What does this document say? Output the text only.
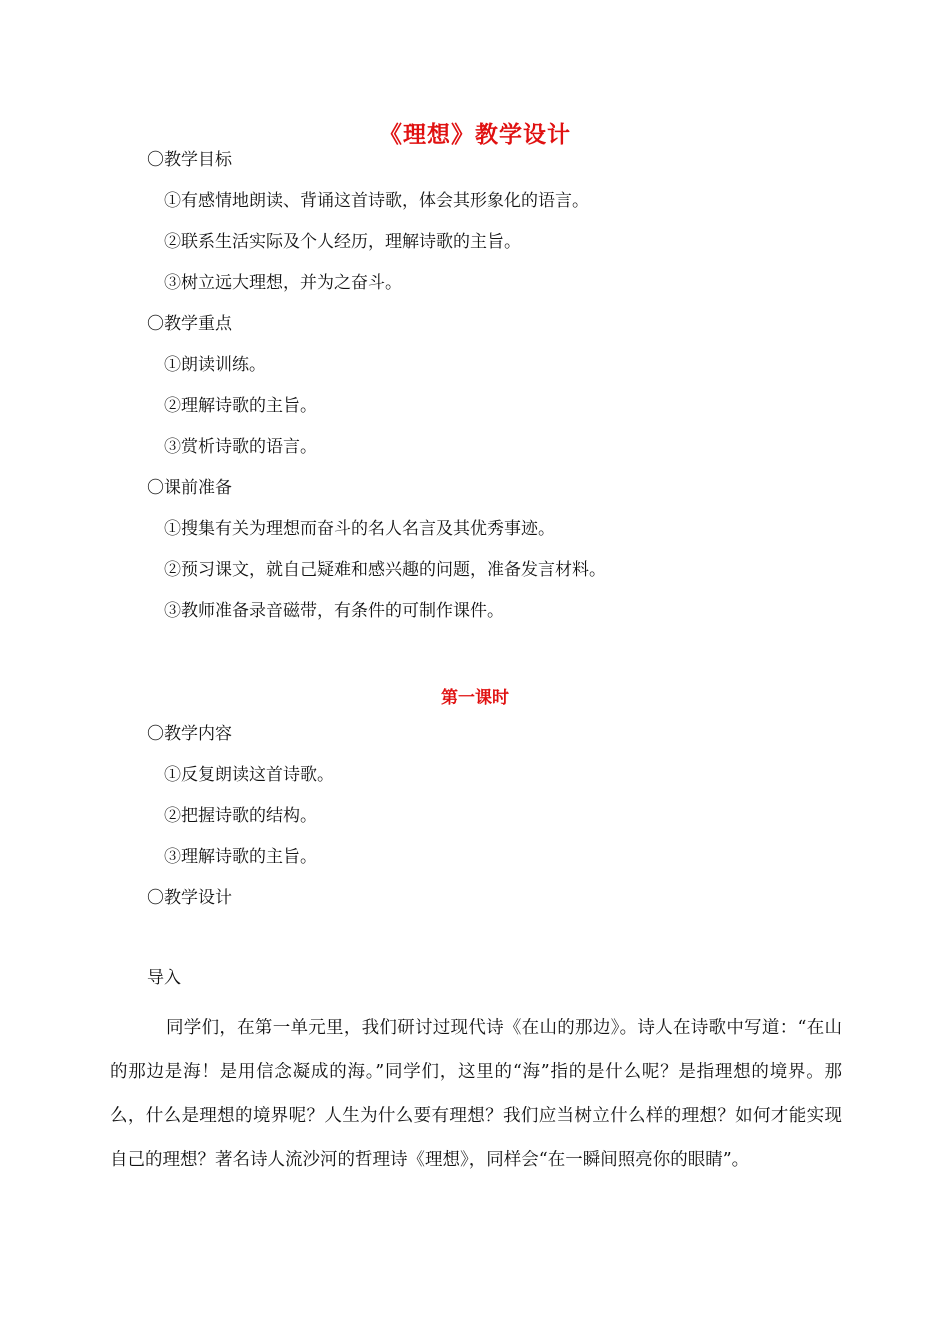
《理想》教学设计
〇教学目标
①有感情地朗读、背诵这首诗歌，体会其形象化的语言。
②联系生活实际及个人经历，理解诗歌的主旨。
③树立远大理想，并为之奋斗。
〇教学重点
①朗读训练。
②理解诗歌的主旨。
③赏析诗歌的语言。
〇课前准备
①搜集有关为理想而奋斗的名人名言及其优秀事迹。
②预习课文，就自己疑难和感兴趣的问题，准备发言材料。
③教师准备录音磁带，有条件的可制作课件。
第一课时
〇教学内容
①反复朗读这首诗歌。
②把握诗歌的结构。
③理解诗歌的主旨。
〇教学设计
导入
同学们，在第一单元里，我们研讨过现代诗《在山的那边》。诗人在诗歌中写道：“在山的那边是海！是用信念凝成的海。”同学们，这里的“海”指的是什么呢？是指理想的境界。那么，什么是理想的境界呢？人生为什么要有理想？我们应当树立什么样的理想？如何才能实现自己的理想？著名诗人流沙河的哲理诗《理想》，同样会“在一瞬间照亮你的眼睛”。
